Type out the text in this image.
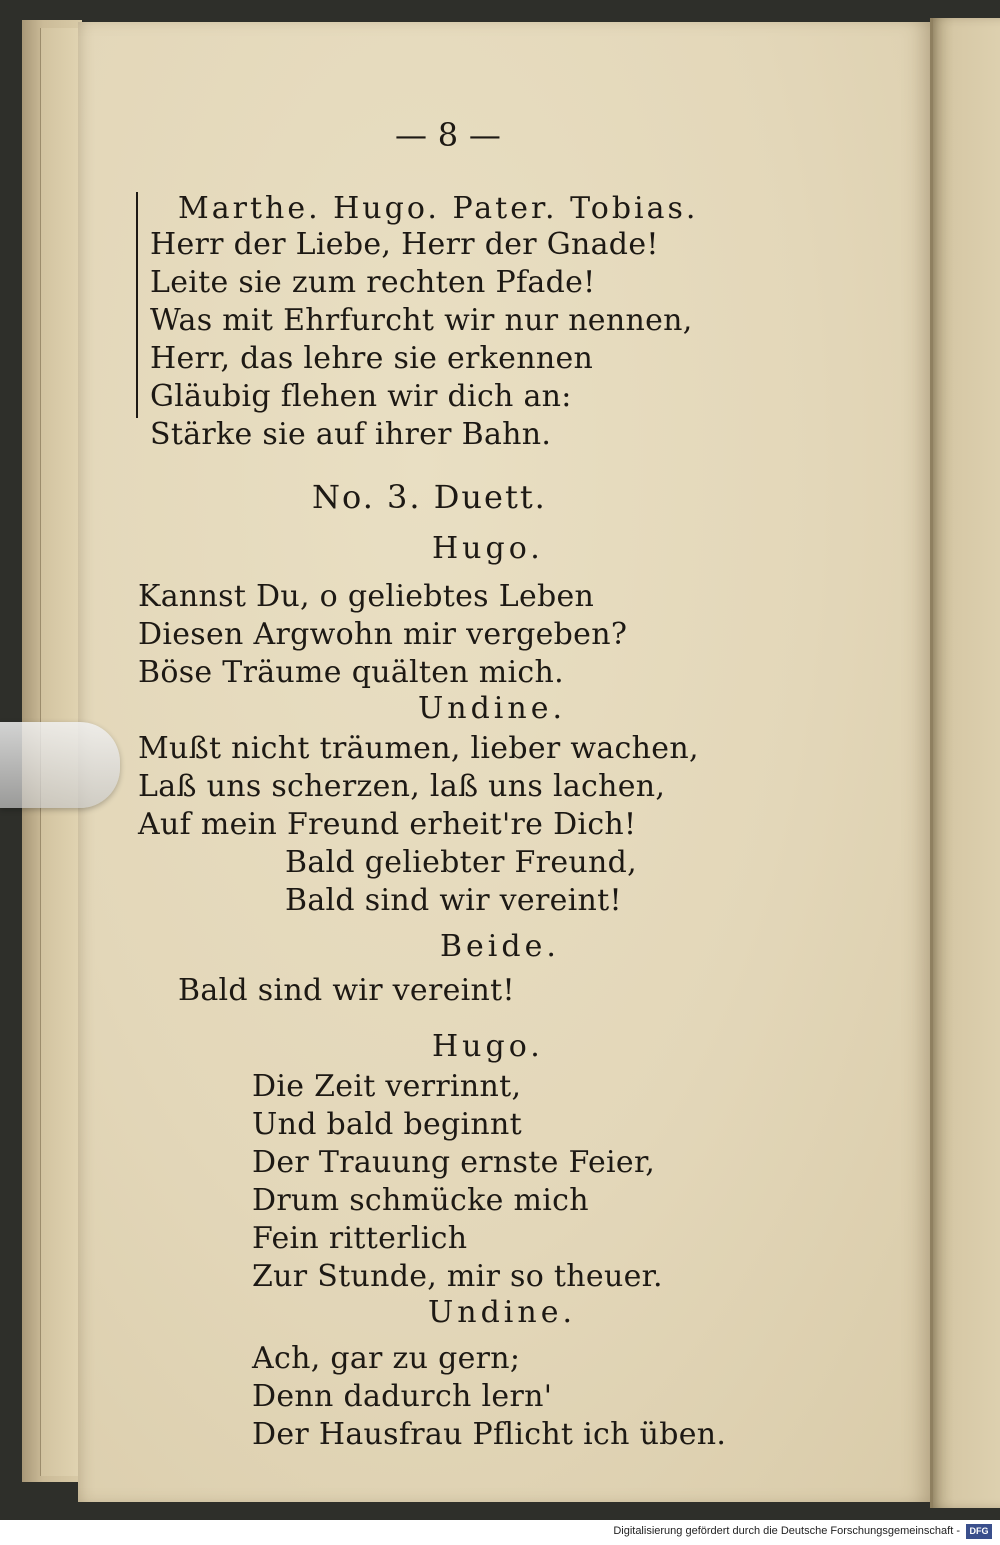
— 8 —
Marthe. Hugo. Pater. Tobias.
Herr der Liebe, Herr der Gnade!
Leite sie zum rechten Pfade!
Was mit Ehrfurcht wir nur nennen,
Herr, das lehre sie erkennen
Gläubig flehen wir dich an:
Stärke sie auf ihrer Bahn.
No. 3. Duett.
Hugo.
Kannst Du, o geliebtes Leben
Diesen Argwohn mir vergeben?
Böse Träume quälten mich.
Undine.
Mußt nicht träumen, lieber wachen,
Laß uns scherzen, laß uns lachen,
Auf mein Freund erheit're Dich!
Bald geliebter Freund,
Bald sind wir vereint!
Beide.
Bald sind wir vereint!
Hugo.
Die Zeit verrinnt,
Und bald beginnt
Der Trauung ernste Feier,
Drum schmücke mich
Fein ritterlich
Zur Stunde, mir so theuer.
Undine.
Ach, gar zu gern;
Denn dadurch lern'
Der Hausfrau Pflicht ich üben.
Digitalisierung gefördert durch die Deutsche Forschungsgemeinschaft -	DFG
